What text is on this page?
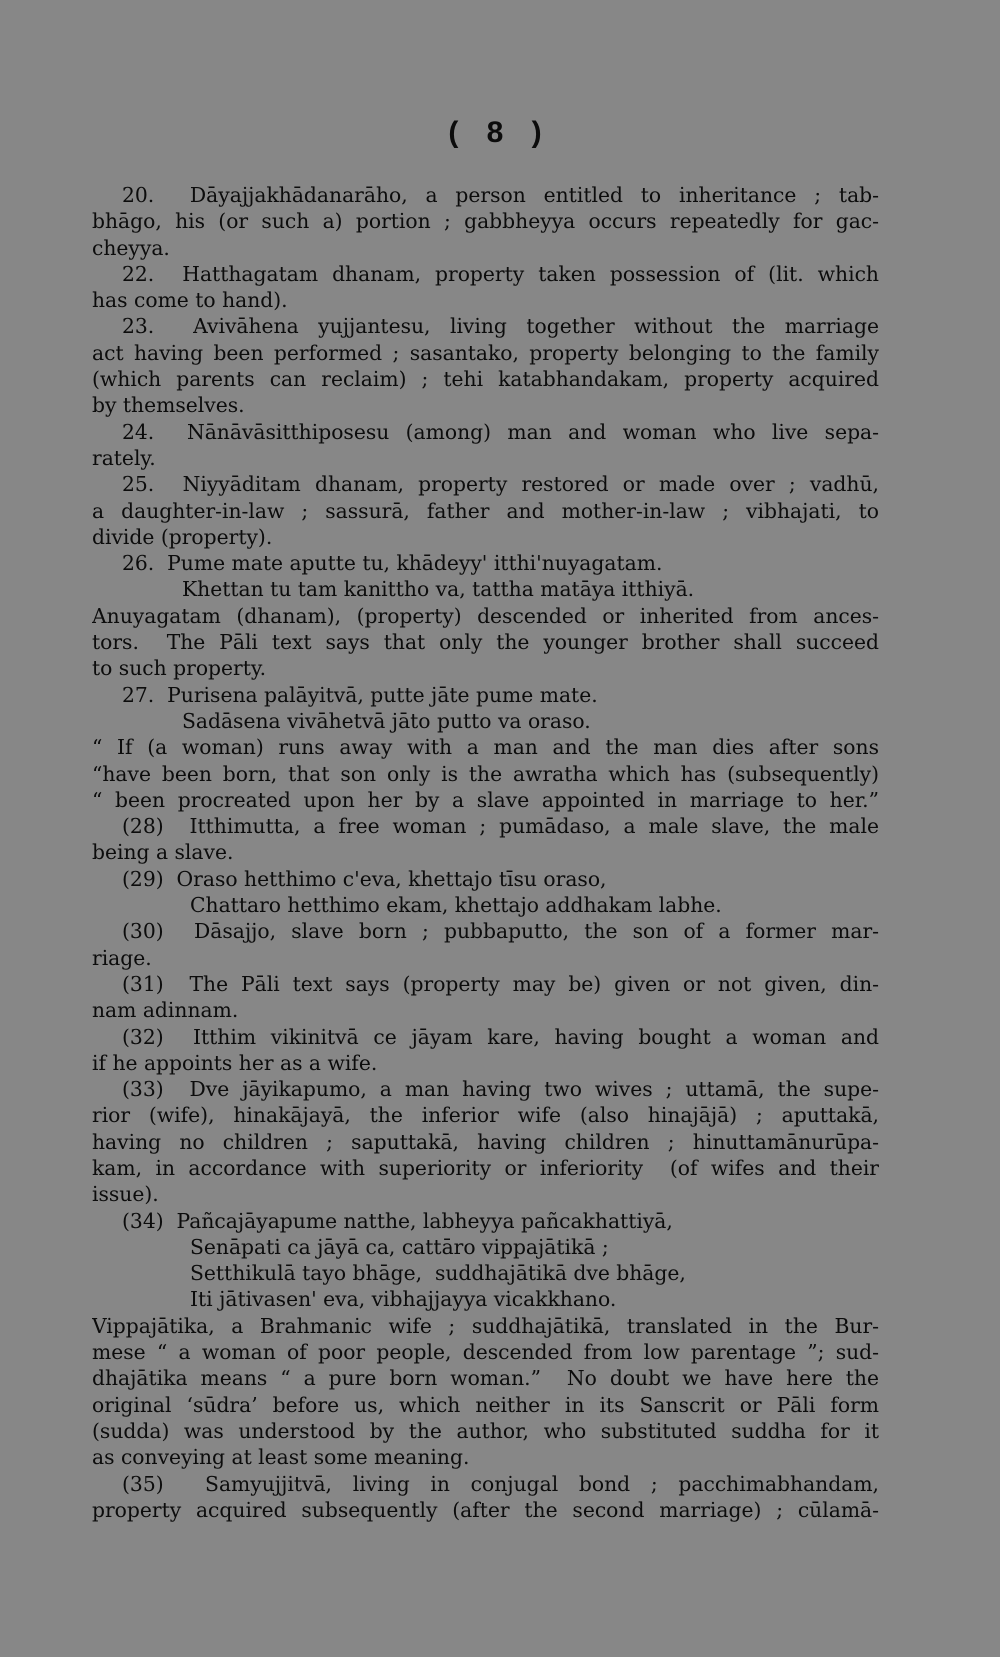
( 8 )
20.  Dāyajjakhādanarāho, a person entitled to inheritance ; tab-
bhāgo, his (or such a) portion ; gabbheyya occurs repeatedly for gac-
cheyya.
22.  Hatthagatam dhanam, property taken possession of (lit. which
has come to hand).
23.  Avivāhena yujjantesu, living together without the marriage
act having been performed ; sasantako, property belonging to the family
(which parents can reclaim) ; tehi katabhandakam, property acquired
by themselves.
24.  Nānāvāsitthiposesu (among) man and woman who live sepa-
rately.
25.  Niyyāditam dhanam, property restored or made over ; vadhū,
a daughter-in-law ; sassurā, father and mother-in-law ; vibhajati, to
divide (property).
26.  Pume mate aputte tu, khādeyy' itthi'nuyagatam.
Khettan tu tam kanittho va, tattha matāya itthiyā.
Anuyagatam (dhanam), (property) descended or inherited from ances-
tors.  The Pāli text says that only the younger brother shall succeed
to such property.
27.  Purisena palāyitvā, putte jāte pume mate.
Sadāsena vivāhetvā jāto putto va oraso.
“ If (a woman) runs away with a man and the man dies after sons
“have been born, that son only is the awratha which has (subsequently)
“ been procreated upon her by a slave appointed in marriage to her.”
(28)  Itthimutta, a free woman ; pumādaso, a male slave, the male
being a slave.
(29)  Oraso hetthimo c'eva, khettajo tīsu oraso,
Chattaro hetthimo ekam, khettajo addhakam labhe.
(30)  Dāsajjo, slave born ; pubbaputto, the son of a former mar-
riage.
(31)  The Pāli text says (property may be) given or not given, din-
nam adinnam.
(32)  Itthim vikinitvā ce jāyam kare, having bought a woman and
if he appoints her as a wife.
(33)  Dve jāyikapumo, a man having two wives ; uttamā, the supe-
rior (wife), hinakājayā, the inferior wife (also hinajājā) ; aputtakā,
having no children ; saputtakā, having children ; hinuttamānurūpa-
kam, in accordance with superiority or inferiority  (of wifes and their
issue).
(34)  Pañcajāyapume natthe, labheyya pañcakhattiyā,
Senāpati ca jāyā ca, cattāro vippajātikā ;
Setthikulā tayo bhāge,  suddhajātikā dve bhāge,
Iti jātivasen' eva, vibhajjayya vicakkhano.
Vippajātika, a Brahmanic wife ; suddhajātikā, translated in the Bur-
mese “ a woman of poor people, descended from low parentage ”; sud-
dhajātika means “ a pure born woman.”  No doubt we have here the
original ‘sūdra’ before us, which neither in its Sanscrit or Pāli form
(sudda) was understood by the author, who substituted suddha for it
as conveying at least some meaning.
(35)  Samyujjitvā, living in conjugal bond ; pacchimabhandam,
property acquired subsequently (after the second marriage) ; cūlamā-
